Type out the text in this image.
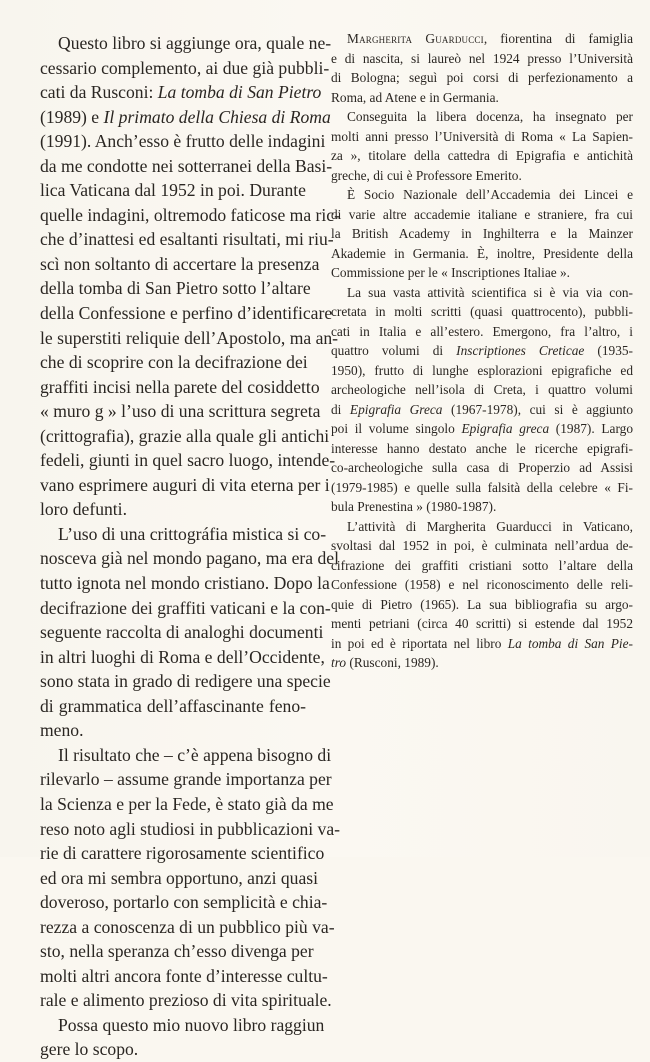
Questo libro si aggiunge ora, quale ne-
cessario complemento, ai due già pubbli-
cati da Rusconi: La tomba di San Pietro
(1989) e Il primato della Chiesa di Roma
(1991). Anch’esso è frutto delle indagini
da me condotte nei sotterranei della Basi-
lica Vaticana dal 1952 in poi. Durante
quelle indagini, oltremodo faticose ma ric-
che d’inattesi ed esaltanti risultati, mi riu-
scì non soltanto di accertare la presenza
della tomba di San Pietro sotto l’altare
della Confessione e perfino d’identificare
le superstiti reliquie dell’Apostolo, ma an-
che di scoprire con la decifrazione dei
graffiti incisi nella parete del cosiddetto
« muro g » l’uso di una scrittura segreta
(crittografia), grazie alla quale gli antichi
fedeli, giunti in quel sacro luogo, intende-
vano esprimere auguri di vita eterna per i
loro defunti.
L’uso di una crittográfia mistica si co-
nosceva già nel mondo pagano, ma era del
tutto ignota nel mondo cristiano. Dopo la
decifrazione dei graffiti vaticani e la con-
seguente raccolta di analoghi documenti
in altri luoghi di Roma e dell’Occidente,
sono stata in grado di redigere una specie
di grammatica dell’affascinante feno-
meno.
Il risultato che – c’è appena bisogno di
rilevarlo – assume grande importanza per
la Scienza e per la Fede, è stato già da me
reso noto agli studiosi in pubblicazioni va-
rie di carattere rigorosamente scientifico
ed ora mi sembra opportuno, anzi quasi
doveroso, portarlo con semplicità e chia-
rezza a conoscenza di un pubblico più va-
sto, nella speranza ch’esso divenga per
molti altri ancora fonte d’interesse cultu-
rale e alimento prezioso di vita spirituale.
Possa questo mio nuovo libro raggiun
gere lo scopo.
Margherita Guarducci, fiorentina di famiglia
e di nascita, si laureò nel 1924 presso l’Università
di Bologna; seguì poi corsi di perfezionamento a
Roma, ad Atene e in Germania.
Conseguita la libera docenza, ha insegnato per
molti anni presso l’Università di Roma « La Sapien-
za », titolare della cattedra di Epigrafia e antichità
greche, di cui è Professore Emerito.
È Socio Nazionale dell’Accademia dei Lincei e
di varie altre accademie italiane e straniere, fra cui
la British Academy in Inghilterra e la Mainzer
Akademie in Germania. È, inoltre, Presidente della
Commissione per le « Inscriptiones Italiae ».
La sua vasta attività scientifica si è via via con-
cretata in molti scritti (quasi quattrocento), pubbli-
cati in Italia e all’estero. Emergono, fra l’altro, i
quattro volumi di Inscriptiones Creticae (1935-
1950), frutto di lunghe esplorazioni epigrafiche ed
archeologiche nell’isola di Creta, i quattro volumi
di Epigrafia Greca (1967-1978), cui si è aggiunto
poi il volume singolo Epigrafia greca (1987). Largo
interesse hanno destato anche le ricerche epigrafi-
co-archeologiche sulla casa di Properzio ad Assisi
(1979-1985) e quelle sulla falsità della celebre « Fi-
bula Prenestina » (1980-1987).
L’attività di Margherita Guarducci in Vaticano,
svoltasi dal 1952 in poi, è culminata nell’ardua de-
cifrazione dei graffiti cristiani sotto l’altare della
Confessione (1958) e nel riconoscimento delle reli-
quie di Pietro (1965). La sua bibliografia su argo-
menti petriani (circa 40 scritti) si estende dal 1952
in poi ed è riportata nel libro La tomba di San Pie-
tro (Rusconi, 1989).
